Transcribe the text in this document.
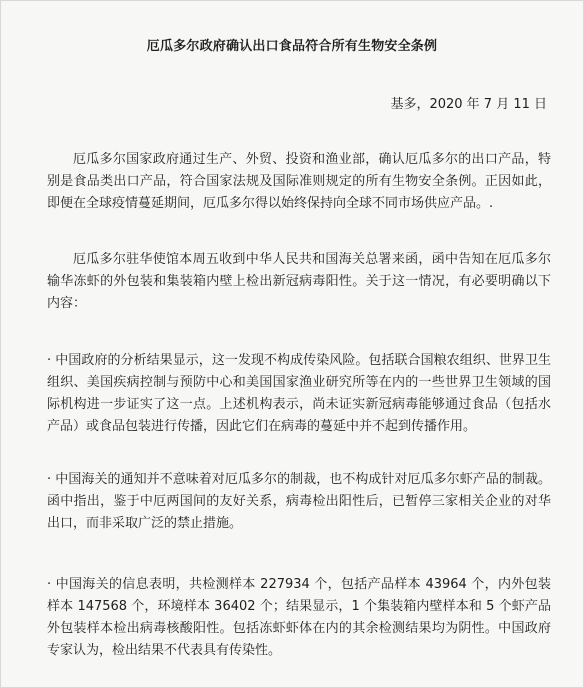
厄瓜多尔政府确认出口食品符合所有生物安全条例
基多，2020 年 7 月 11 日
厄瓜多尔国家政府通过生产、外贸、投资和渔业部，确认厄瓜多尔的出口产品，特别是食品类出口产品，符合国家法规及国际准则规定的所有生物安全条例。正因如此，即便在全球疫情蔓延期间，厄瓜多尔得以始终保持向全球不同市场供应产品。.
厄瓜多尔驻华使馆本周五收到中华人民共和国海关总署来函，函中告知在厄瓜多尔输华冻虾的外包装和集装箱内壁上检出新冠病毒阳性。关于这一情况，有必要明确以下内容：
· 中国政府的分析结果显示，这一发现不构成传染风险。包括联合国粮农组织、世界卫生组织、美国疾病控制与预防中心和美国国家渔业研究所等在内的一些世界卫生领域的国际机构进一步证实了这一点。上述机构表示，尚未证实新冠病毒能够通过食品（包括水产品）或食品包装进行传播，因此它们在病毒的蔓延中并不起到传播作用。
· 中国海关的通知并不意味着对厄瓜多尔的制裁，也不构成针对厄瓜多尔虾产品的制裁。函中指出，鉴于中厄两国间的友好关系，病毒检出阳性后，已暂停三家相关企业的对华出口，而非采取广泛的禁止措施。
· 中国海关的信息表明，共检测样本 227934 个，包括产品样本 43964 个，内外包装样本 147568 个，环境样本 36402 个；结果显示，1 个集装箱内壁样本和 5 个虾产品外包装样本检出病毒核酸阳性。包括冻虾虾体在内的其余检测结果均为阴性。中国政府专家认为，检出结果不代表具有传染性。
